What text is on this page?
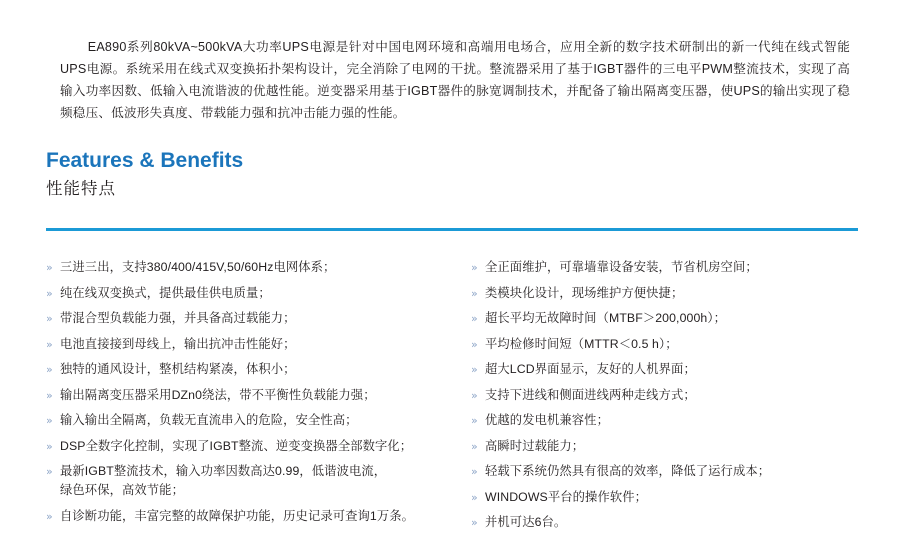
EA890系列80kVA~500kVA大功率UPS电源是针对中国电网环境和高端用电场合，应用全新的数字技术研制出的新一代纯在线式智能UPS电源。系统采用在线式双变换拓扑架构设计，完全消除了电网的干扰。整流器采用了基于IGBT器件的三电平PWM整流技术，实现了高输入功率因数、低输入电流谐波的优越性能。逆变器采用基于IGBT器件的脉宽调制技术，并配备了输出隔离变压器，使UPS的输出实现了稳频稳压、低波形失真度、带载能力强和抗冲击能力强的性能。

Features & Benefits
性能特点
» 三进三出，支持380/400/415V,50/60Hz电网体系；
» 纯在线双变换式，提供最佳供电质量；
» 带混合型负载能力强，并具备高过载能力；
» 电池直接接到母线上，输出抗冲击性能好；
» 独特的通风设计，整机结构紧凑，体积小；
» 输出隔离变压器采用DZn0绕法，带不平衡性负载能力强；
» 输入输出全隔离，负载无直流串入的危险，安全性高；
» DSP全数字化控制，实现了IGBT整流、逆变变换器全部数字化；
» 最新IGBT整流技术，输入功率因数高达0.99，低谐波电流，
绿色环保，高效节能；
» 自诊断功能，丰富完整的故障保护功能，历史记录可查询1万条。
» 全正面维护，可靠墙靠设备安装，节省机房空间；
» 类模块化设计，现场维护方便快捷；
» 超长平均无故障时间（MTBF＞200,000h）；
» 平均检修时间短（MTTR＜0.5 h）；
» 超大LCD界面显示，友好的人机界面；
» 支持下进线和侧面进线两种走线方式；
» 优越的发电机兼容性；
» 高瞬时过载能力；
» 轻载下系统仍然具有很高的效率，降低了运行成本；
» WINDOWS平台的操作软件；
» 并机可达6台。
